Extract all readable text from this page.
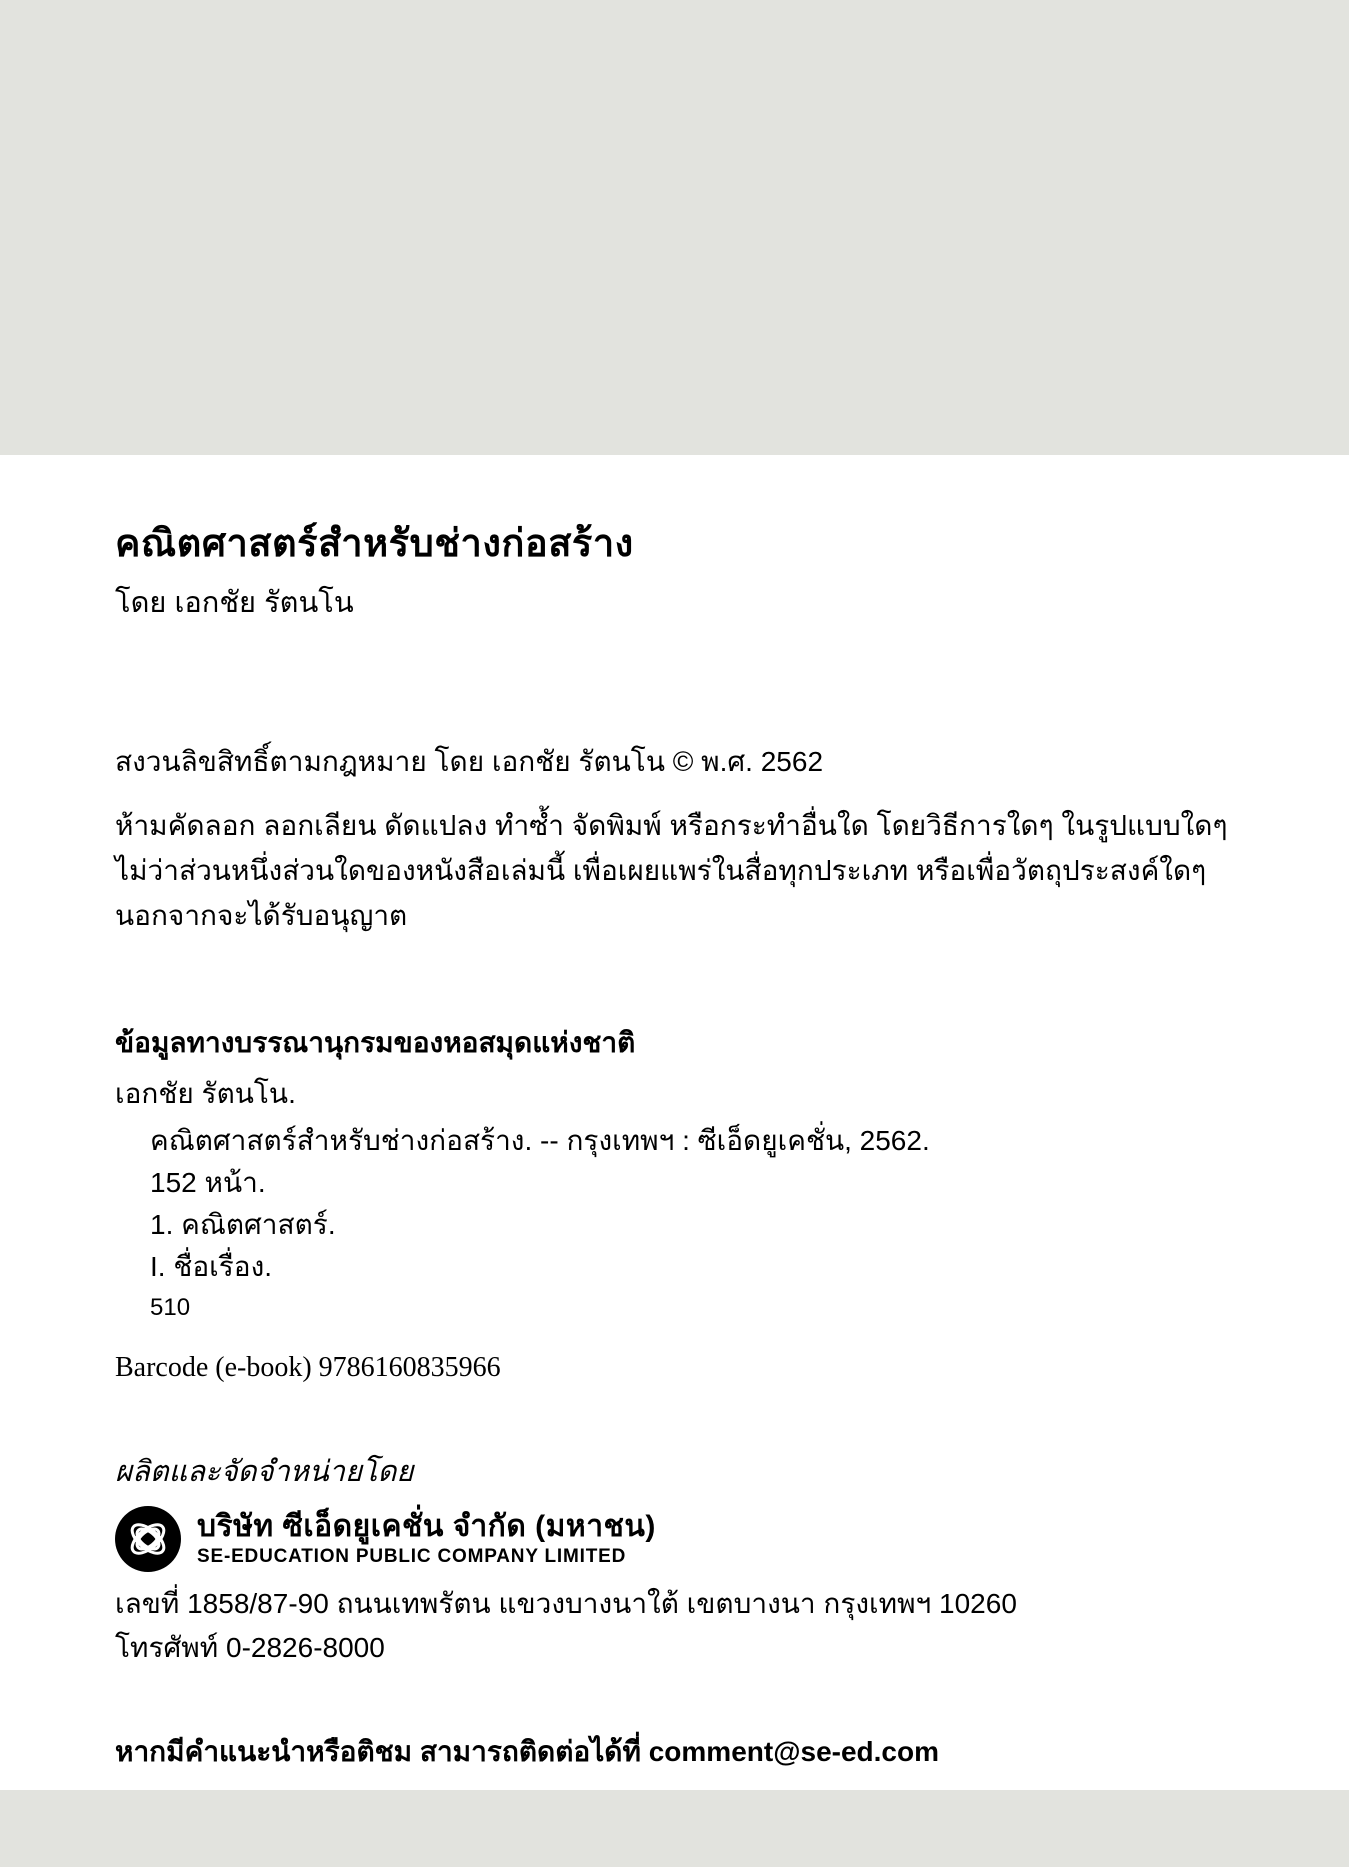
คณิตศาสตร์สำหรับช่างก่อสร้าง
โดย เอกชัย รัตนโน
สงวนลิขสิทธิ์ตามกฎหมาย โดย เอกชัย รัตนโน © พ.ศ. 2562
ห้ามคัดลอก ลอกเลียน ดัดแปลง ทำซ้ำ จัดพิมพ์ หรือกระทำอื่นใด โดยวิธีการใดๆ ในรูปแบบใดๆ
ไม่ว่าส่วนหนึ่งส่วนใดของหนังสือเล่มนี้ เพื่อเผยแพร่ในสื่อทุกประเภท หรือเพื่อวัตถุประสงค์ใดๆ
นอกจากจะได้รับอนุญาต
ข้อมูลทางบรรณานุกรมของหอสมุดแห่งชาติ
เอกชัย รัตนโน.
คณิตศาสตร์สำหรับช่างก่อสร้าง. -- กรุงเทพฯ : ซีเอ็ดยูเคชั่น, 2562.
152 หน้า.
1. คณิตศาสตร์.
I. ชื่อเรื่อง.
510
Barcode (e-book) 9786160835966
ผลิตและจัดจำหน่ายโดย
บริษัท ซีเอ็ดยูเคชั่น จำกัด (มหาชน)
SE-EDUCATION PUBLIC COMPANY LIMITED
เลขที่ 1858/87-90 ถนนเทพรัตน แขวงบางนาใต้ เขตบางนา กรุงเทพฯ 10260
โทรศัพท์ 0-2826-8000
หากมีคำแนะนำหรือติชม สามารถติดต่อได้ที่ comment@se-ed.com
